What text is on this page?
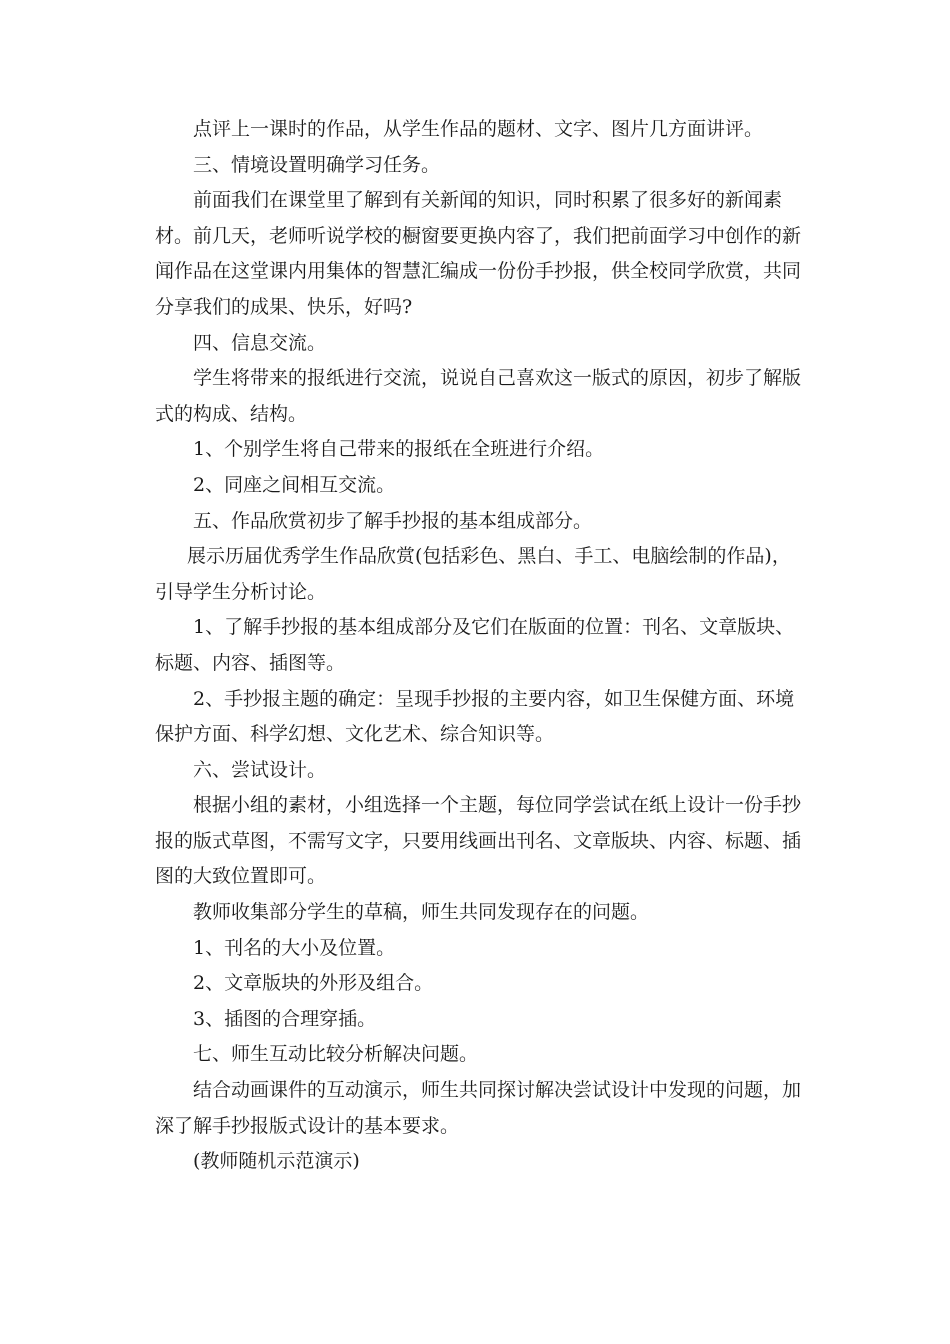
点评上一课时的作品，从学生作品的题材、文字、图片几方面讲评。

三、情境设置明确学习任务。

前面我们在课堂里了解到有关新闻的知识，同时积累了很多好的新闻素材。前几天，老师听说学校的橱窗要更换内容了，我们把前面学习中创作的新闻作品在这堂课内用集体的智慧汇编成一份份手抄报，供全校同学欣赏，共同分享我们的成果、快乐，好吗?

四、信息交流。

学生将带来的报纸进行交流，说说自己喜欢这一版式的原因，初步了解版式的构成、结构。

1、个别学生将自己带来的报纸在全班进行介绍。

2、同座之间相互交流。

五、作品欣赏初步了解手抄报的基本组成部分。

展示历届优秀学生作品欣赏(包括彩色、黑白、手工、电脑绘制的作品)，引导学生分析讨论。

1、了解手抄报的基本组成部分及它们在版面的位置：刊名、文章版块、标题、内容、插图等。

2、手抄报主题的确定：呈现手抄报的主要内容，如卫生保健方面、环境保护方面、科学幻想、文化艺术、综合知识等。

六、尝试设计。

根据小组的素材，小组选择一个主题，每位同学尝试在纸上设计一份手抄报的版式草图，不需写文字，只要用线画出刊名、文章版块、内容、标题、插图的大致位置即可。

教师收集部分学生的草稿，师生共同发现存在的问题。

1、刊名的大小及位置。

2、文章版块的外形及组合。

3、插图的合理穿插。

七、师生互动比较分析解决问题。

结合动画课件的互动演示，师生共同探讨解决尝试设计中发现的问题，加深了解手抄报版式设计的基本要求。

(教师随机示范演示)
